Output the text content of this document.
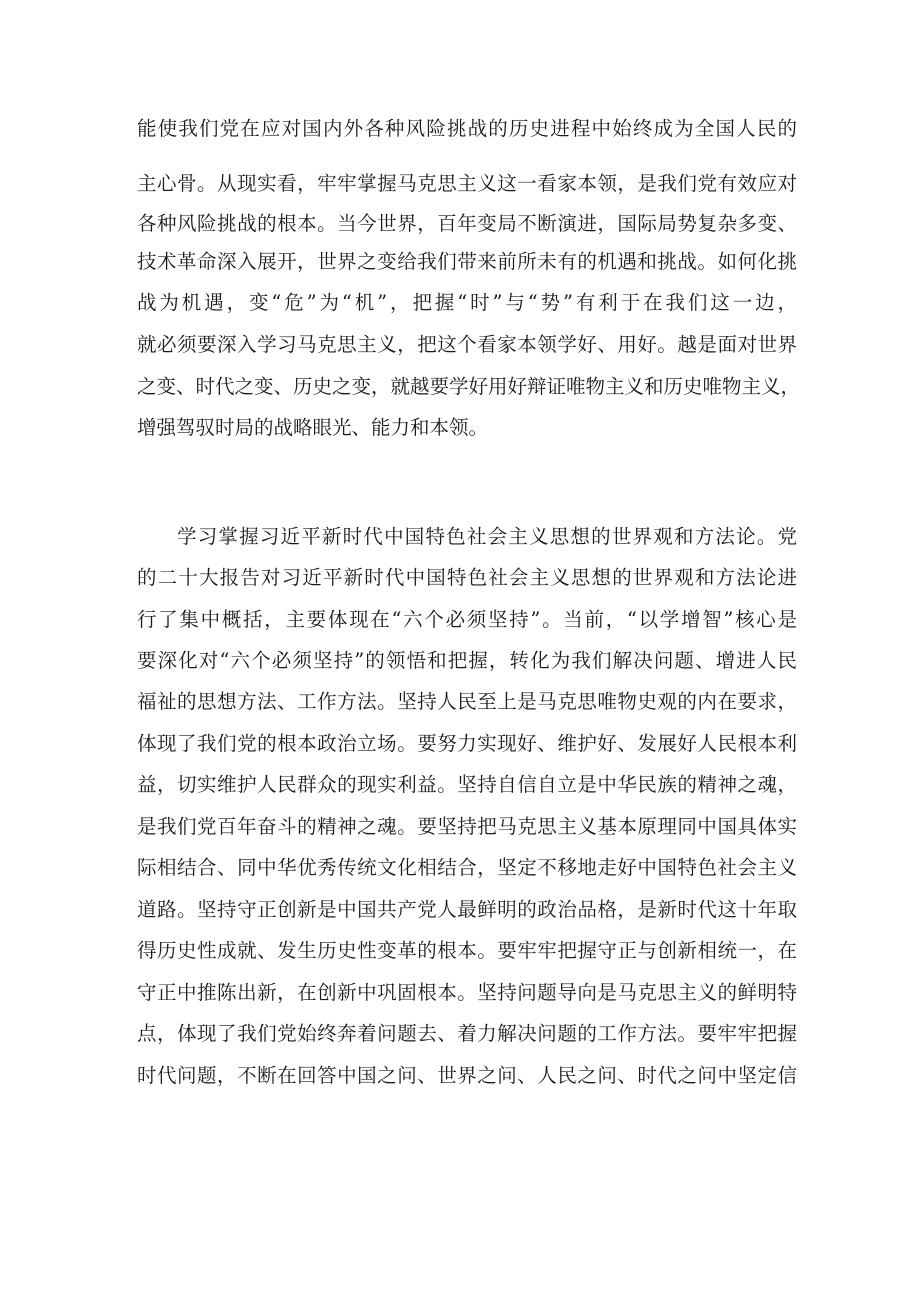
能使我们党在应对国内外各种风险挑战的历史进程中始终成为全国人民的
主心骨。从现实看，牢牢掌握马克思主义这一看家本领，是我们党有效应对
各种风险挑战的根本。当今世界，百年变局不断演进，国际局势复杂多变、
技术革命深入展开，世界之变给我们带来前所未有的机遇和挑战。如何化挑
战为机遇，变“危”为“机”，把握“时”与“势”有利于在我们这一边，
就必须要深入学习马克思主义，把这个看家本领学好、用好。越是面对世界
之变、时代之变、历史之变，就越要学好用好辩证唯物主义和历史唯物主义，
增强驾驭时局的战略眼光、能力和本领。
学习掌握习近平新时代中国特色社会主义思想的世界观和方法论。党
的二十大报告对习近平新时代中国特色社会主义思想的世界观和方法论进
行了集中概括，主要体现在“六个必须坚持”。当前，“以学增智”核心是
要深化对“六个必须坚持”的领悟和把握，转化为我们解决问题、增进人民
福祉的思想方法、工作方法。坚持人民至上是马克思唯物史观的内在要求，
体现了我们党的根本政治立场。要努力实现好、维护好、发展好人民根本利
益，切实维护人民群众的现实利益。坚持自信自立是中华民族的精神之魂，
是我们党百年奋斗的精神之魂。要坚持把马克思主义基本原理同中国具体实
际相结合、同中华优秀传统文化相结合，坚定不移地走好中国特色社会主义
道路。坚持守正创新是中国共产党人最鲜明的政治品格，是新时代这十年取
得历史性成就、发生历史性变革的根本。要牢牢把握守正与创新相统一，在
守正中推陈出新，在创新中巩固根本。坚持问题导向是马克思主义的鲜明特
点，体现了我们党始终奔着问题去、着力解决问题的工作方法。要牢牢把握
时代问题，不断在回答中国之问、世界之问、人民之问、时代之问中坚定信
